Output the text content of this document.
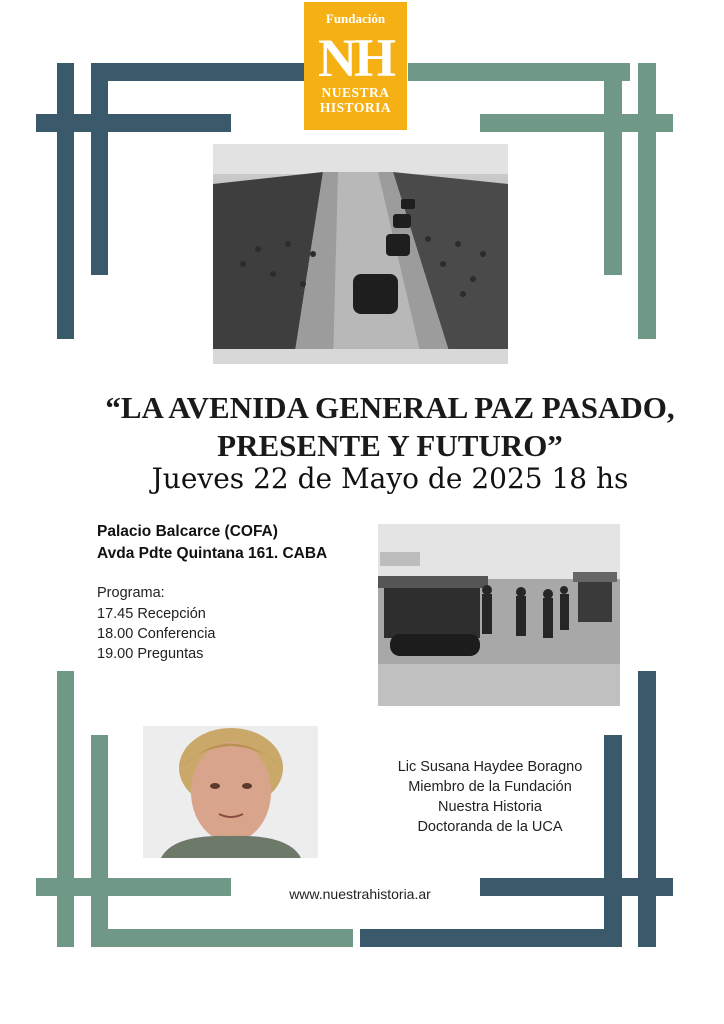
Fundación
NH
NUESTRA
HISTORIA
“LA AVENIDA GENERAL PAZ PASADO,
PRESENTE Y FUTURO”
Jueves 22 de Mayo de 2025 18 hs
Palacio Balcarce (COFA)
Avda Pdte Quintana 161. CABA
Programa:
17.45 Recepción
18.00 Conferencia
19.00 Preguntas
Lic Susana Haydee Boragno
Miembro de la Fundación
Nuestra Historia
Doctoranda de la UCA
www.nuestrahistoria.ar
